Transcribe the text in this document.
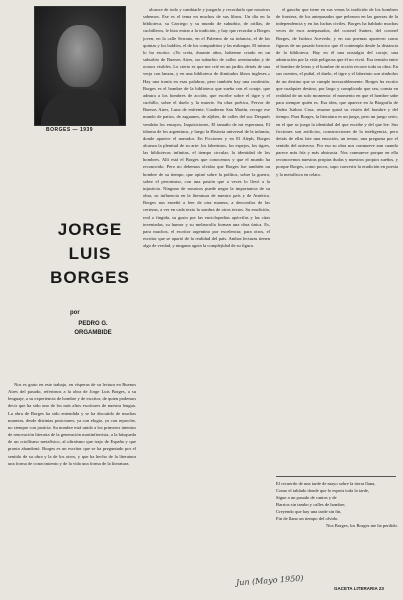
BORGES — 1939
JORGE
LUIS
BORGES
por
PEDRO G.
ORGAMBIDE

Nos es grato en este trabajo, en vísperas de su lectura en Buenos Aires del pasado, referirnos a la obra de Jorge Luis Borges, a su lenguaje, a su experiencia de hombre y de escritor, de quien podemos decir que ha sido uno de los más altos escritores de nuestra lengua. La obra de Borges ha sido entendida y se ha discutido de muchas maneras, desde distintas posiciones; ya con elogio, ya con reproche, no siempre con justicia. Su nombre está unido a los primeros intentos de renovación literaria de la generación martinfierrista, a la búsqueda de un criollismo metafísico, al ultraísmo que trajo de España y que pronto abandonó. Borges es un escritor que se ha preguntado por el sentido de su obra y la de los otros, y que ha hecho de la literatura una forma de conocimiento y de la vida una forma de la literatura.

alcance de todo y cambiarle y juzgarlo y recordarlo que nosotros sabemos. Ese es el tema en muchos de sus libros. Un día en la biblioteca, su Carriego y su mundo de suburbio, de orillas, de cuchilleros, le hizo entrar a la tradición, y hay que recordar a Borges joven, en la calle Serrano, en el Palermo de su infancia, el de las quintas y los baldíos, el de los compadritos y las milongas. El mismo lo ha escrito: «Yo creía, durante años, haberme criado en un suburbio de Buenos Aires, un suburbio de calles aventuradas y de ocasos visibles. Lo cierto es que me crié en un jardín, detrás de una verja con lanzas, y en una biblioteca de ilimitados libros ingleses.» Hay una ironía en esas palabras, pero también hay una confesión. Borges es el hombre de la biblioteca que sueña con el coraje, que admira a los hombres de acción, que escribe sobre el tigre y el cuchillo, sobre el duelo y la muerte. Su obra poética, Fervor de Buenos Aires, Luna de enfrente, Cuaderno San Martín, recoge ese mundo de patios, de zaguanes, de aljibes, de calles del sur. Después vendrán los ensayos, Inquisiciones, El tamaño de mi esperanza, El idioma de los argentinos, y luego la Historia universal de la infamia, donde aparece el narrador. En Ficciones y en El Aleph, Borges alcanza la plenitud de su arte: los laberintos, los espejos, los tigres, las bibliotecas infinitas, el tiempo circular, la identidad de los hombres. Allí está el Borges que conocemos y que el mundo ha reconocido. Pero no debemos olvidar que Borges fue también un hombre de su tiempo, que opinó sobre la política, sobre la guerra, sobre el peronismo, con una pasión que a veces lo llevó a la injusticia. Ninguno de nosotros puede negar la importancia de su obra, su influencia en la literatura de nuestro país y de América. Borges nos enseñó a leer de otra manera, a desconfiar de las certezas, a ver en cada texto la sombra de otros textos. Su erudición, real o fingida, su gusto por las enciclopedias apócrifas y las citas inventadas, su humor y su melancolía forman una obra única. Es, para muchos, el escritor argentino por excelencia; para otros, el escritor que se apartó de la realidad del país. Ambas lecturas tienen algo de verdad, y ninguna agota la complejidad de su figura.

el gaucho que tiene en sus venas la tradición de los hombres de frontera, de los antepasados que pelearon en las guerras de la independencia y en las luchas civiles. Borges ha hablado muchas veces de esos antepasados, del coronel Suárez, del coronel Borges, de Isidoro Acevedo, y en sus poemas aparecen como figuras de un pasado heroico que él contempla desde la distancia de la biblioteca. Hay en él una nostalgia del coraje, una admiración por la vida peligrosa que él no vivió. Esa tensión entre el hombre de letras y el hombre de acción recorre toda su obra. En sus cuentos, el puñal, el duelo, el tigre y el laberinto son símbolos de un destino que se cumple inexorablemente. Borges ha escrito que cualquier destino, por largo y complicado que sea, consta en realidad de un solo momento: el momento en que el hombre sabe para siempre quién es. Esa idea, que aparece en la Biografía de Tadeo Isidoro Cruz, resume quizá su visión del hombre y del tiempo. Para Borges, la literatura es un juego, pero un juego serio, en el que se juega la identidad del que escribe y del que lee. Sus ficciones son artificios, construcciones de la inteligencia, pero detrás de ellas late una emoción, un temor, una pregunta por el sentido del universo. Por eso su obra nos conmueve aun cuando parece más fría y más abstracta. Nos conmueve porque en ella reconocemos nuestras propias dudas y nuestros propios sueños, y porque Borges, como pocos, supo convertir la erudición en poesía y la metafísica en relato.

El recuerdo de una tarde de mayo sobre la tierra llana,
Como el tablado donde que lo espera toda la tarde,
Sigue a un pasado de cantos y de
Barrios sin tambo y calles de hombre,
Creyendo que hay una tarde sin fin,
Fin de llano un tiempo del olvido.
Nos Borges, los Borges me ha perdido.
Jun (Mayo 1950)
GACETA LITERARIA 23
